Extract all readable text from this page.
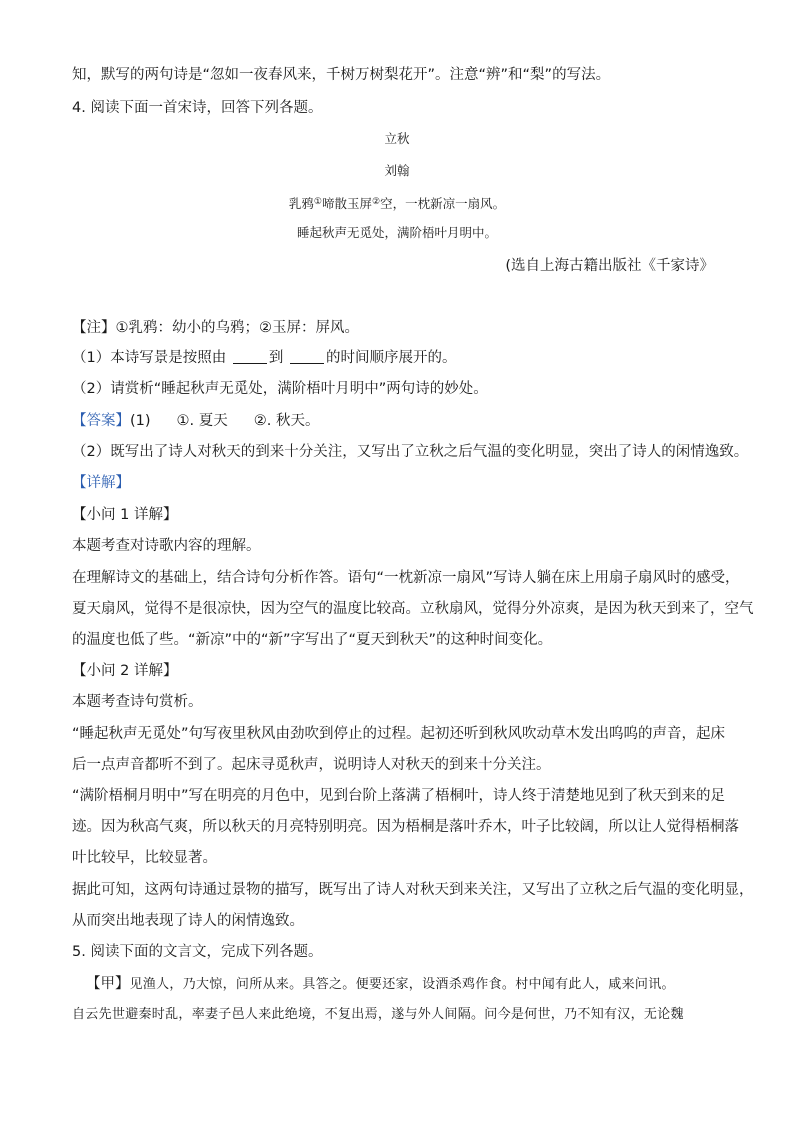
知，默写的两句诗是“忽如一夜春风来，千树万树梨花开”。注意“辨”和“梨”的写法。
4. 阅读下面一首宋诗，回答下列各题。
立秋
刘翰
乳鸦①啼散玉屏②空，一枕新凉一扇风。
睡起秋声无觅处，满阶梧叶月明中。
(选自上海古籍出版社《千家诗》
【注】①乳鸦：幼小的乌鸦；②玉屏：屏风。
（1）本诗写景是按照由	到	的时间顺序展开的。
（2）请赏析“睡起秋声无觅处，满阶梧叶月明中”两句诗的妙处。
【答案】(1) ①. 夏天 ②. 秋天。
（2）既写出了诗人对秋天的到来十分关注，又写出了立秋之后气温的变化明显，突出了诗人的闲情逸致。
【详解】
【小问 1 详解】
本题考查对诗歌内容的理解。
在理解诗文的基础上，结合诗句分析作答。语句“一枕新凉一扇风”写诗人躺在床上用扇子扇风时的感受，
夏天扇风，觉得不是很凉快，因为空气的温度比较高。立秋扇风，觉得分外凉爽，是因为秋天到来了，空气
的温度也低了些。“新凉”中的“新”字写出了“夏天到秋天”的这种时间变化。
【小问 2 详解】
本题考查诗句赏析。
“睡起秋声无觅处”句写夜里秋风由劲吹到停止的过程。起初还听到秋风吹动草木发出呜呜的声音，起床
后一点声音都听不到了。起床寻觅秋声，说明诗人对秋天的到来十分关注。
“满阶梧桐月明中”写在明亮的月色中，见到台阶上落满了梧桐叶，诗人终于清楚地见到了秋天到来的足
迹。因为秋高气爽，所以秋天的月亮特别明亮。因为梧桐是落叶乔木，叶子比较阔，所以让人觉得梧桐落
叶比较早，比较显著。
据此可知，这两句诗通过景物的描写，既写出了诗人对秋天到来关注，又写出了立秋之后气温的变化明显，
从而突出地表现了诗人的闲情逸致。
5. 阅读下面的文言文，完成下列各题。
【甲】见渔人，乃大惊，问所从来。具答之。便要还家，设酒杀鸡作食。村中闻有此人，咸来问讯。
自云先世避秦时乱，率妻子邑人来此绝境，不复出焉，遂与外人间隔。问今是何世，乃不知有汉，无论魏
